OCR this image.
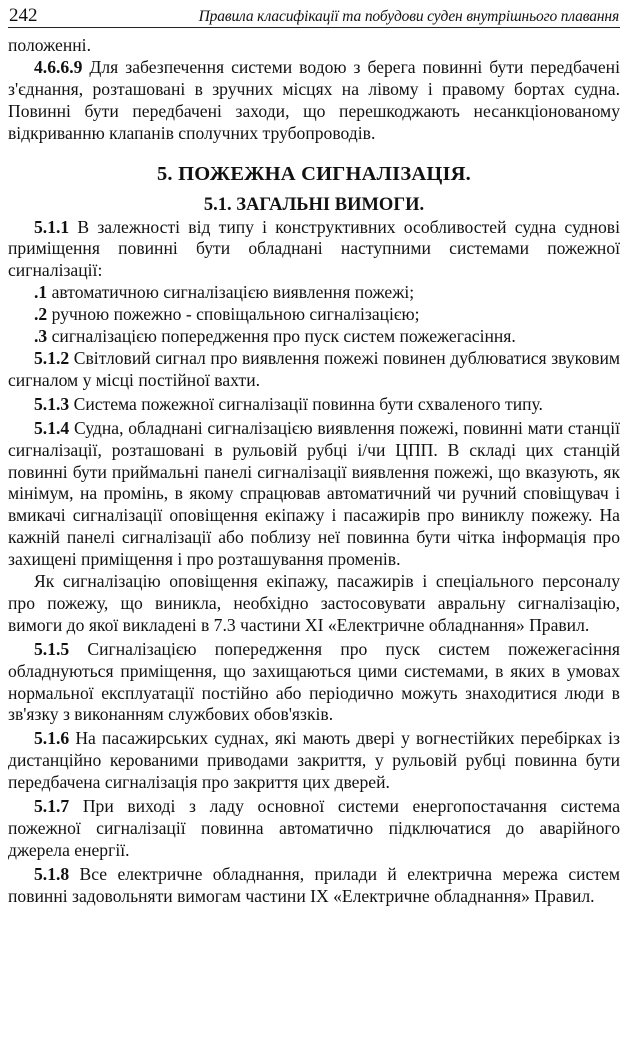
242	Правила класифікації та побудови суден внутрішнього плавання

положенні.

4.6.6.9 Для забезпечення системи водою з берега повинні бути передбачені з'єднання, розташовані в зручних місцях на лівому і правому бортах судна. Повинні бути передбачені заходи, що перешкоджають несанкціонованому відкриванню клапанів сполучних трубопроводів.

5. ПОЖЕЖНА СИГНАЛІЗАЦІЯ.
5.1. ЗАГАЛЬНІ ВИМОГИ.

5.1.1 В залежності від типу і конструктивних особливостей судна суднові приміщення повинні бути обладнані наступними системами пожежної сигналізації:

.1 автоматичною сигналізацією виявлення пожежі;

.2 ручною пожежно - сповіщальною сигналізацією;

.3 сигналізацією попередження про пуск систем пожежегасіння.

5.1.2 Світловий сигнал про виявлення пожежі повинен дублюватися звуковим сигналом у місці постійної вахти.

5.1.3 Система пожежної сигналізації повинна бути схваленого типу.

5.1.4 Судна, обладнані сигналізацією виявлення пожежі, повинні мати станції сигналізації, розташовані в рульовій рубці і/чи ЦПП. В складі цих станцій повинні бути приймальні панелі сигналізації виявлення пожежі, що вказують, як мінімум, на промінь, в якому спрацював автоматичний чи ручний сповіщувач і вмикачі сигналізації оповіщення екіпажу і пасажирів про виниклу пожежу. На кажній панелі сигналізації або поблизу неї повинна бути чітка інформація про захищені приміщення і про розташування променів.

Як сигналізацію оповіщення екіпажу, пасажирів і спеціального персоналу про пожежу, що виникла, необхідно застосовувати авральну сигналізацію, вимоги до якої викладені в 7.3 частини XI «Електричне обладнання» Правил.

5.1.5 Сигналізацією попередження про пуск систем пожежегасіння обладнуються приміщення, що захищаються цими системами, в яких в умовах нормальної експлуатації постійно або періодично можуть знаходитися люди в зв'язку з виконанням службових обов'язків.

5.1.6 На пасажирських суднах, які мають двері у вогнестійких перебірках із дистанційно керованими приводами закриття, у рульовій рубці повинна бути передбачена сигналізація про закриття цих дверей.

5.1.7 При виході з ладу основної системи енергопостачання система пожежної сигналізації повинна автоматично підключатися до аварійного джерела енергії.

5.1.8 Все електричне обладнання, прилади й електрична мережа систем повинні задовольняти вимогам частини IX «Електричне обладнання» Правил.
